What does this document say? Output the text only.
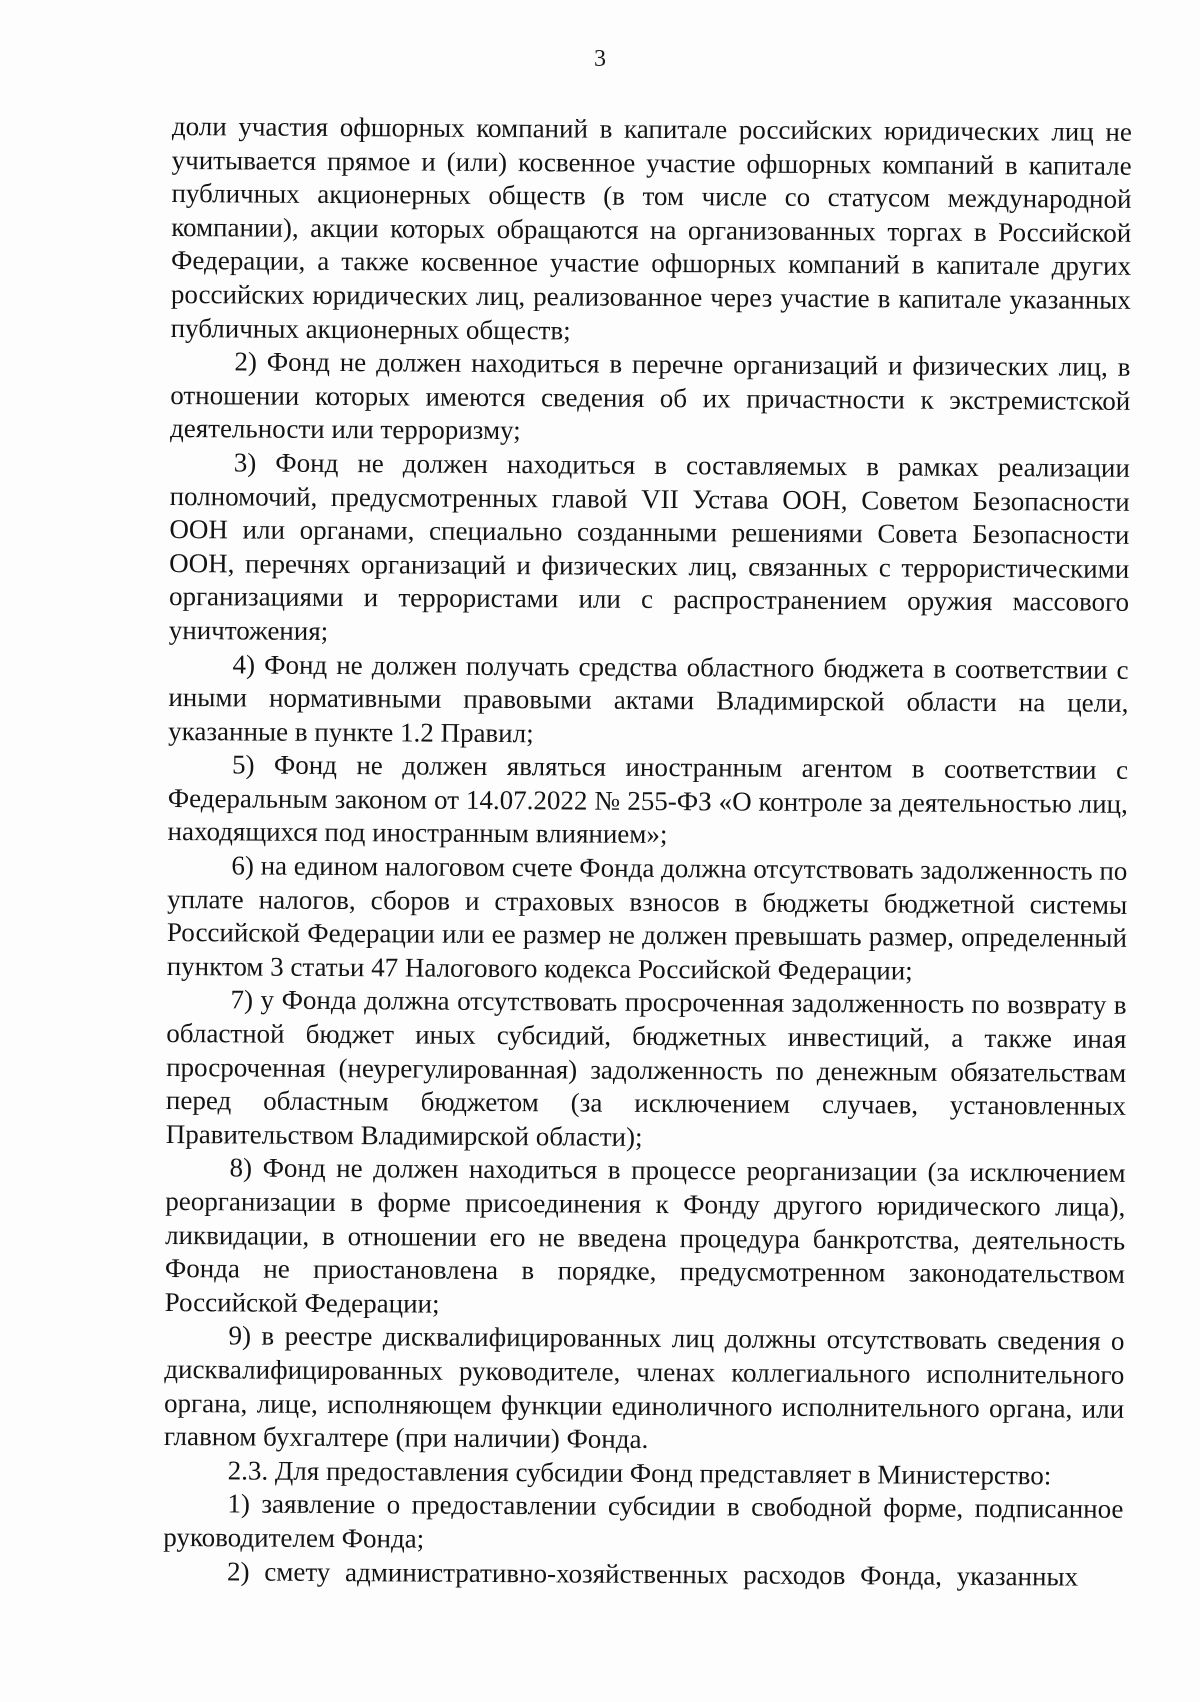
3

доли участия офшорных компаний в капитале российских юридических лиц не учитывается прямое и (или) косвенное участие офшорных компаний в капитале публичных акционерных обществ (в том числе со статусом международной компании), акции которых обращаются на организованных торгах в Российской Федерации, а также косвенное участие офшорных компаний в капитале других российских юридических лиц, реализованное через участие в капитале указанных публичных акционерных обществ;

2) Фонд не должен находиться в перечне организаций и физических лиц, в отношении которых имеются сведения об их причастности к экстремистской деятельности или терроризму;

3) Фонд не должен находиться в составляемых в рамках реализации полномочий, предусмотренных главой VII Устава ООН, Советом Безопасности ООН или органами, специально созданными решениями Совета Безопасности ООН, перечнях организаций и физических лиц, связанных с террористическими организациями и террористами или с распространением оружия массового уничтожения;

4) Фонд не должен получать средства областного бюджета в соответствии с иными нормативными правовыми актами Владимирской области на цели, указанные в пункте 1.2 Правил;

5) Фонд не должен являться иностранным агентом в соответствии с Федеральным законом от 14.07.2022 № 255-ФЗ «О контроле за деятельностью лиц, находящихся под иностранным влиянием»;

6) на едином налоговом счете Фонда должна отсутствовать задолженность по уплате налогов, сборов и страховых взносов в бюджеты бюджетной системы Российской Федерации или ее размер не должен превышать размер, определенный пунктом 3 статьи 47 Налогового кодекса Российской Федерации;

7) у Фонда должна отсутствовать просроченная задолженность по возврату в областной бюджет иных субсидий, бюджетных инвестиций, а также иная просроченная (неурегулированная) задолженность по денежным обязательствам перед областным бюджетом (за исключением случаев, установленных Правительством Владимирской области);

8) Фонд не должен находиться в процессе реорганизации (за исключением реорганизации в форме присоединения к Фонду другого юридического лица), ликвидации, в отношении его не введена процедура банкротства, деятельность Фонда не приостановлена в порядке, предусмотренном законодательством Российской Федерации;

9) в реестре дисквалифицированных лиц должны отсутствовать сведения о дисквалифицированных руководителе, членах коллегиального исполнительного органа, лице, исполняющем функции единоличного исполнительного органа, или главном бухгалтере (при наличии) Фонда.

2.3. Для предоставления субсидии Фонд представляет в Министерство:

1) заявление о предоставлении субсидии в свободной форме, подписанное руководителем Фонда;

2) смету административно-хозяйственных расходов Фонда, указанных
